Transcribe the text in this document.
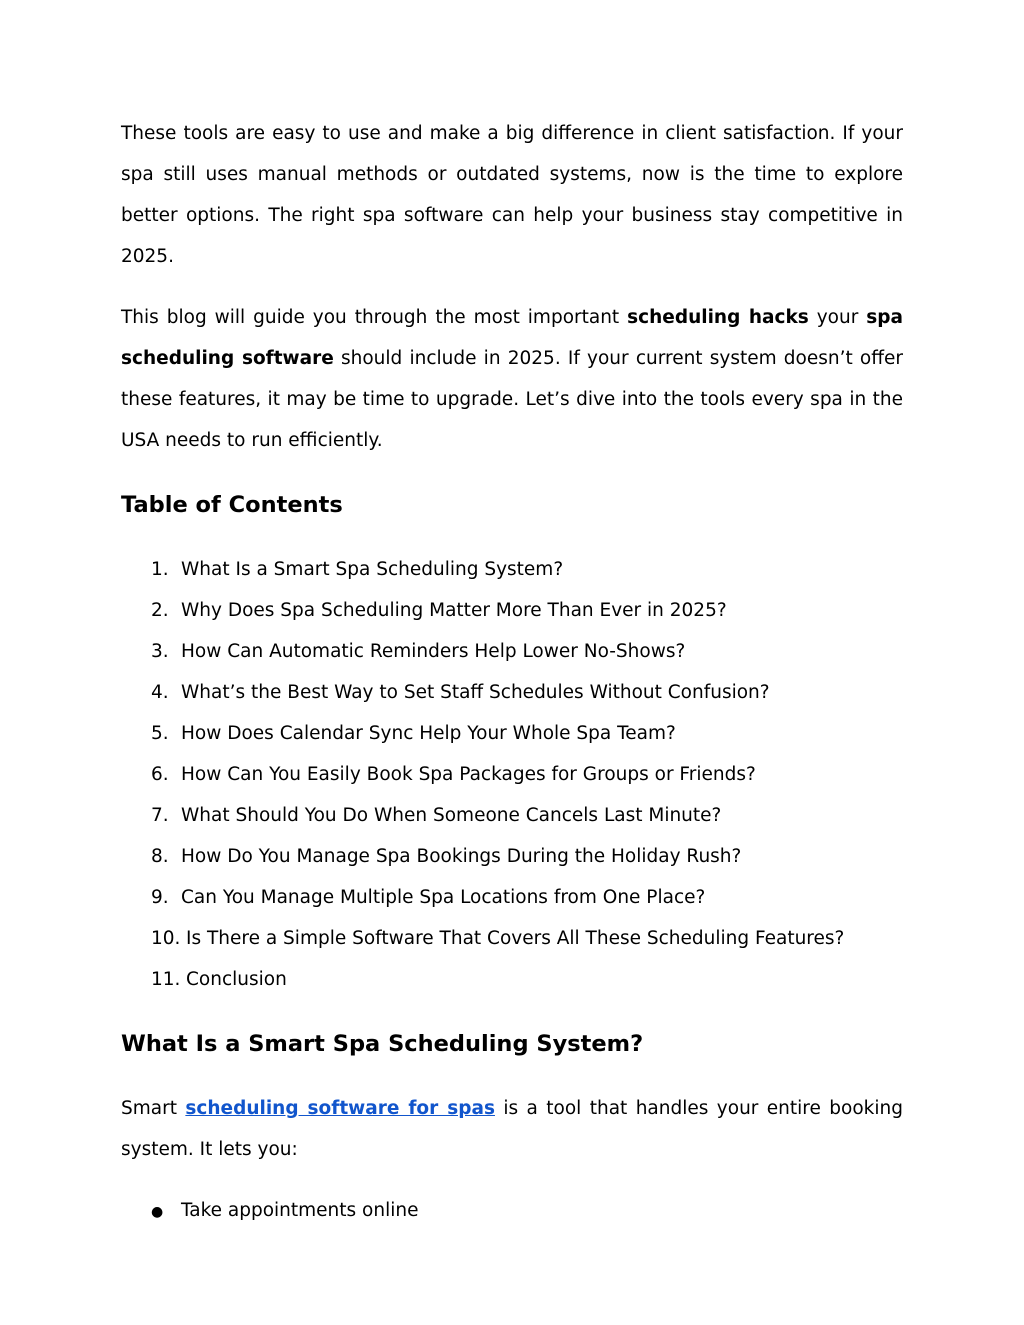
These tools are easy to use and make a big difference in client satisfaction. If your spa still uses manual methods or outdated systems, now is the time to explore better options. The right spa software can help your business stay competitive in 2025.

This blog will guide you through the most important scheduling hacks your spa scheduling software should include in 2025. If your current system doesn’t offer these features, it may be time to upgrade. Let’s dive into the tools every spa in the USA needs to run efficiently.

Table of Contents
1. What Is a Smart Spa Scheduling System?
2. Why Does Spa Scheduling Matter More Than Ever in 2025?
3. How Can Automatic Reminders Help Lower No-Shows?
4. What’s the Best Way to Set Staff Schedules Without Confusion?
5. How Does Calendar Sync Help Your Whole Spa Team?
6. How Can You Easily Book Spa Packages for Groups or Friends?
7. What Should You Do When Someone Cancels Last Minute?
8. How Do You Manage Spa Bookings During the Holiday Rush?
9. Can You Manage Multiple Spa Locations from One Place?
10. Is There a Simple Software That Covers All These Scheduling Features?
11. Conclusion
What Is a Smart Spa Scheduling System?

Smart scheduling software for spas is a tool that handles your entire booking system. It lets you:

● Take appointments online
